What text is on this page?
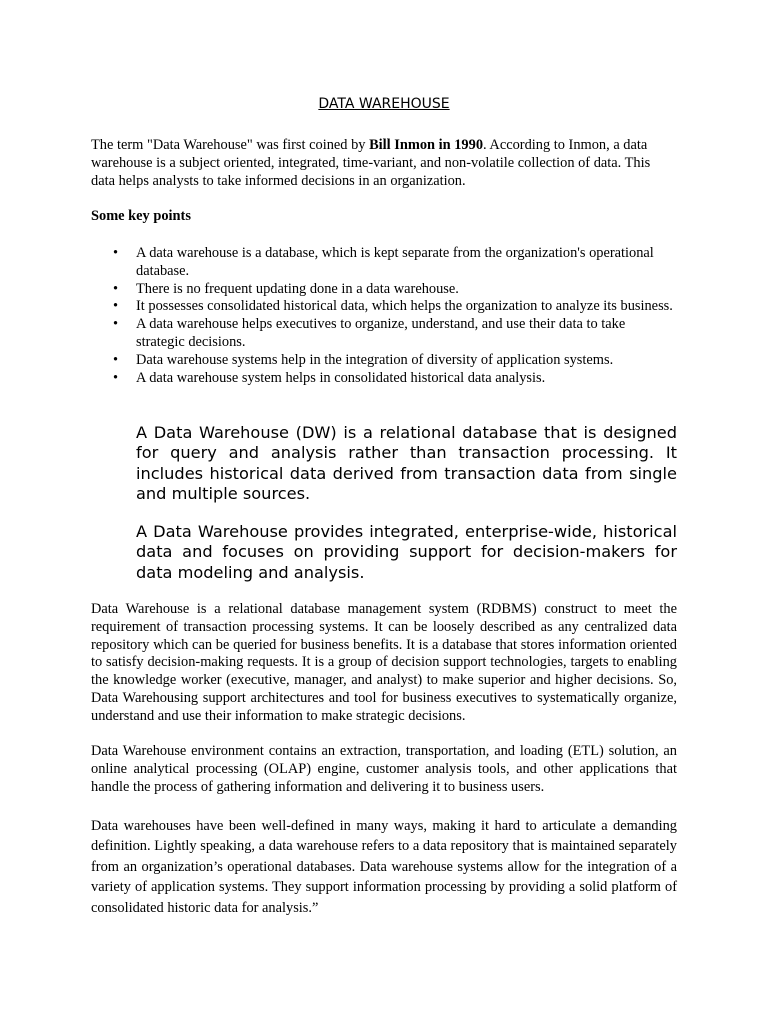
DATA WAREHOUSE

The term "Data Warehouse" was first coined by Bill Inmon in 1990. According to Inmon, a data warehouse is a subject oriented, integrated, time-variant, and non-volatile collection of data. This data helps analysts to take informed decisions in an organization.

Some key points

• A data warehouse is a database, which is kept separate from the organization's operational database.
• There is no frequent updating done in a data warehouse.
• It possesses consolidated historical data, which helps the organization to analyze its business.
• A data warehouse helps executives to organize, understand, and use their data to take strategic decisions.
• Data warehouse systems help in the integration of diversity of application systems.
• A data warehouse system helps in consolidated historical data analysis.

A Data Warehouse (DW) is a relational database that is designed for query and analysis rather than transaction processing. It includes historical data derived from transaction data from single and multiple sources.

A Data Warehouse provides integrated, enterprise-wide, historical data and focuses on providing support for decision-makers for data modeling and analysis.

Data Warehouse is a relational database management system (RDBMS) construct to meet the requirement of transaction processing systems. It can be loosely described as any centralized data repository which can be queried for business benefits. It is a database that stores information oriented to satisfy decision-making requests. It is a group of decision support technologies, targets to enabling the knowledge worker (executive, manager, and analyst) to make superior and higher decisions. So, Data Warehousing support architectures and tool for business executives to systematically organize, understand and use their information to make strategic decisions.

Data Warehouse environment contains an extraction, transportation, and loading (ETL) solution, an online analytical processing (OLAP) engine, customer analysis tools, and other applications that handle the process of gathering information and delivering it to business users.

Data warehouses have been well-defined in many ways, making it hard to articulate a demanding definition. Lightly speaking, a data warehouse refers to a data repository that is maintained separately from an organization’s operational databases. Data warehouse systems allow for the integration of a variety of application systems. They support information processing by providing a solid platform of consolidated historic data for analysis.”
